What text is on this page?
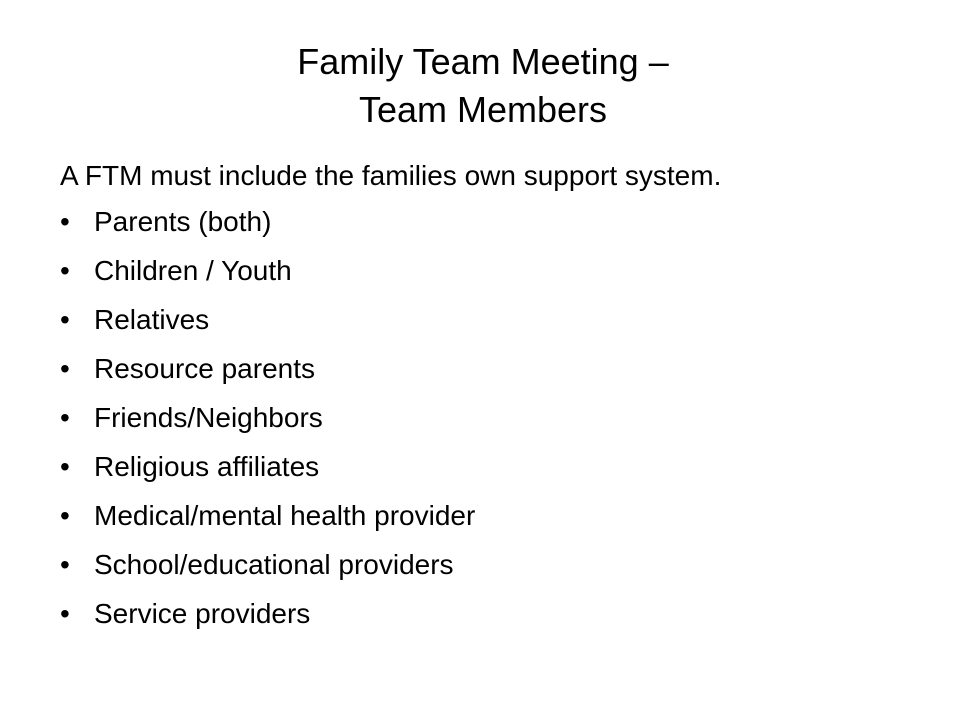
Family Team Meeting –
Team Members

A FTM must include the families own support system.

• Parents (both)
• Children / Youth
• Relatives
• Resource parents
• Friends/Neighbors
• Religious affiliates
• Medical/mental health provider
• School/educational providers
• Service providers
